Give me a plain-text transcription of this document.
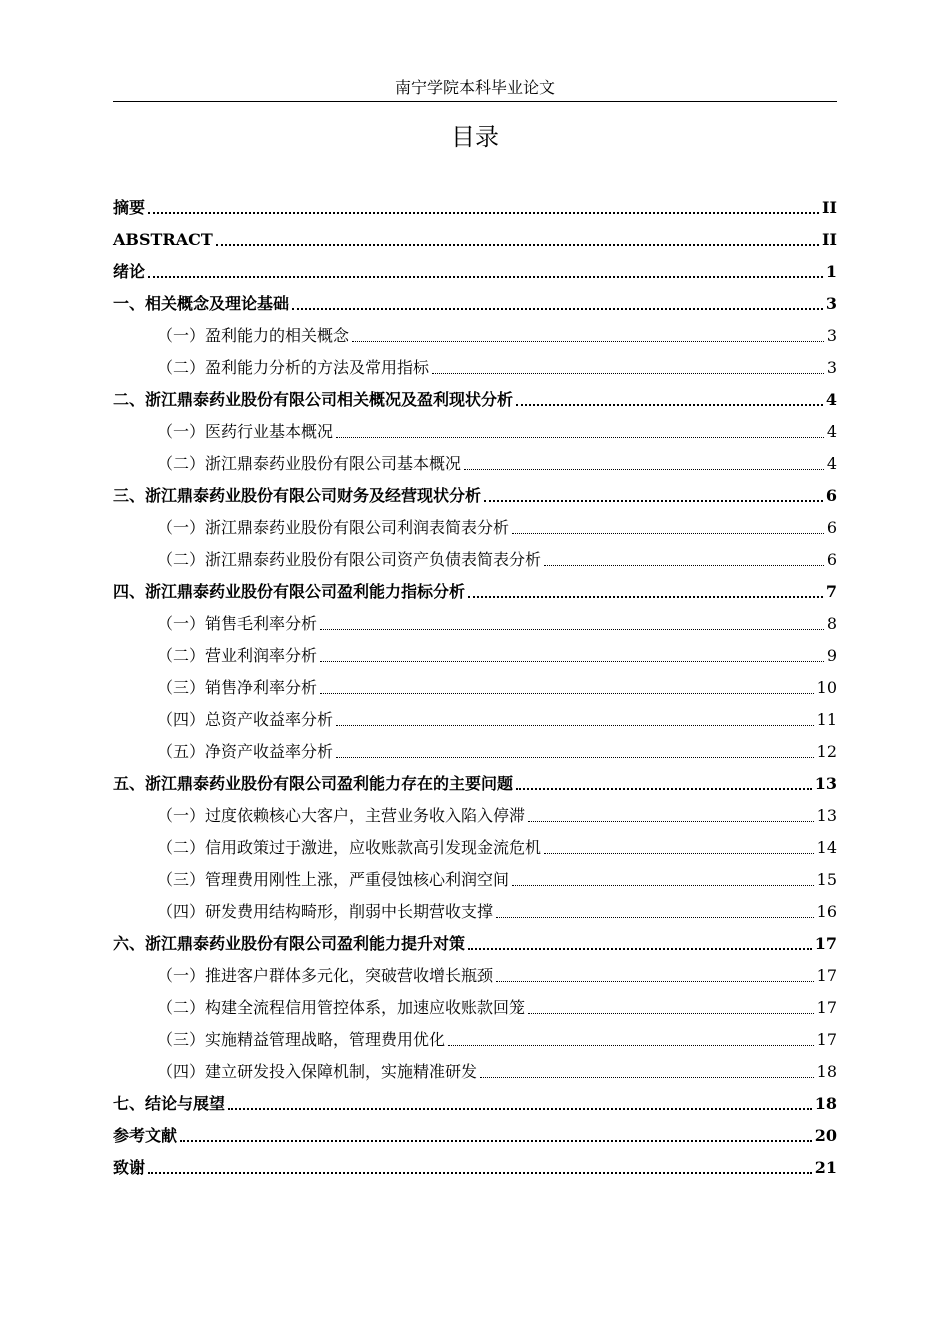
南宁学院本科毕业论文
目录
摘要	II
ABSTRACT	II
绪论	1
一、相关概念及理论基础	3
（一）盈利能力的相关概念	3
（二）盈利能力分析的方法及常用指标	3
二、浙江鼎泰药业股份有限公司相关概况及盈利现状分析	4
（一）医药行业基本概况	4
（二）浙江鼎泰药业股份有限公司基本概况	4
三、浙江鼎泰药业股份有限公司财务及经营现状分析	6
（一）浙江鼎泰药业股份有限公司利润表简表分析	6
（二）浙江鼎泰药业股份有限公司资产负债表简表分析	6
四、浙江鼎泰药业股份有限公司盈利能力指标分析	7
（一）销售毛利率分析	8
（二）营业利润率分析	9
（三）销售净利率分析	10
（四）总资产收益率分析	11
（五）净资产收益率分析	12
五、浙江鼎泰药业股份有限公司盈利能力存在的主要问题	13
（一）过度依赖核心大客户，主营业务收入陷入停滞	13
（二）信用政策过于激进，应收账款高引发现金流危机	14
（三）管理费用刚性上涨，严重侵蚀核心利润空间	15
（四）研发费用结构畸形，削弱中长期营收支撑	16
六、浙江鼎泰药业股份有限公司盈利能力提升对策	17
（一）推进客户群体多元化，突破营收增长瓶颈	17
（二）构建全流程信用管控体系，加速应收账款回笼	17
（三）实施精益管理战略，管理费用优化	17
（四）建立研发投入保障机制，实施精准研发	18
七、结论与展望	18
参考文献	20
致谢	21
